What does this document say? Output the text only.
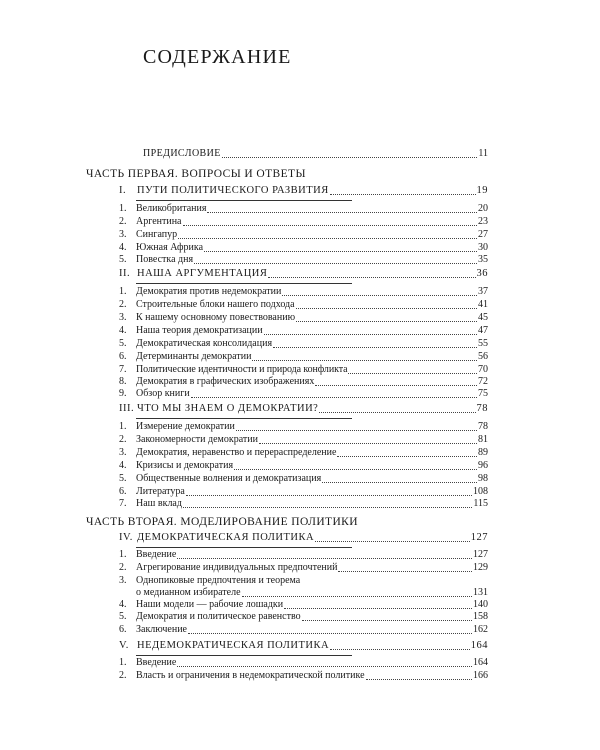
СОДЕРЖАНИЕ
ПРЕДИСЛОВИЕ	11
ЧАСТЬ ПЕРВАЯ. ВОПРОСЫ И ОТВЕТЫ
I.	ПУТИ ПОЛИТИЧЕСКОГО РАЗВИТИЯ	19
1. Великобритания	20
2. Аргентина	23
3. Сингапур	27
4. Южная Африка	30
5. Повестка дня	35
II. НАША АРГУМЕНТАЦИЯ	36
1. Демократия против недемократии	37
2. Строительные блоки нашего подхода	41
3. К нашему основному повествованию	45
4. Наша теория демократизации	47
5. Демократическая консолидация	55
6. Детерминанты демократии	56
7. Политические идентичности и природа конфликта	70
8. Демократия в графических изображениях	72
9. Обзор книги	75
III. ЧТО МЫ ЗНАЕМ О ДЕМОКРАТИИ?	78
1. Измерение демократии	78
2. Закономерности демократии	81
3. Демократия, неравенство и перераспределение	89
4. Кризисы и демократия	96
5. Общественные волнения и демократизация	98
6. Литература	108
7. Наш вклад	115
ЧАСТЬ ВТОРАЯ. МОДЕЛИРОВАНИЕ ПОЛИТИКИ
IV. ДЕМОКРАТИЧЕСКАЯ ПОЛИТИКА	127
1. Введение	127
2. Агрегирование индивидуальных предпочтений	129
3. Однопиковые предпочтения и теорема
о медианном избирателе	131
4. Наши модели — рабочие лошадки	140
5. Демократия и политическое равенство	158
6. Заключение	162
V. НЕДЕМОКРАТИЧЕСКАЯ ПОЛИТИКА	164
1. Введение	164
2. Власть и ограничения в недемократической политике	166
